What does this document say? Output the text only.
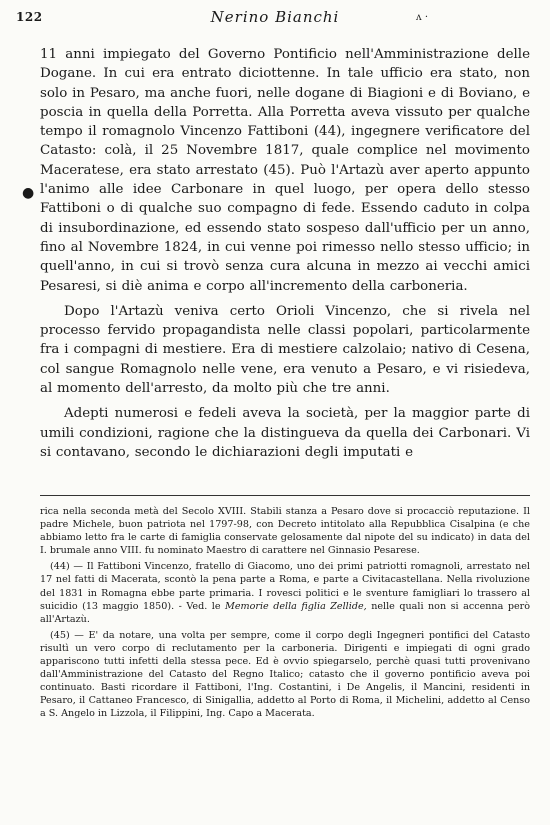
122	Nerino Bianchi	ʌ ·
●

11 anni impiegato del Governo Pontificio nell'Amministrazione delle Dogane. In cui era entrato diciottenne. In tale ufficio era stato, non solo in Pesaro, ma anche fuori, nelle dogane di Biagioni e di Boviano, e poscia in quella della Porretta. Alla Porretta aveva vissuto per qualche tempo il romagnolo Vincenzo Fattiboni (44), ingegnere verificatore del Catasto: colà, il 25 Novembre 1817, quale complice nel movimento Maceratese, era stato arrestato (45). Può l'Artazù aver aperto appunto l'animo alle idee Carbonare in quel luogo, per opera dello stesso Fattiboni o di qualche suo compagno di fede. Essendo caduto in colpa di insubordinazione, ed essendo stato sospeso dall'ufficio per un anno, fino al Novembre 1824, in cui venne poi rimesso nello stesso ufficio; in quell'anno, in cui si trovò senza cura alcuna in mezzo ai vecchi amici Pesaresi, si diè anima e corpo all'incremento della carboneria.

Dopo l'Artazù veniva certo Orioli Vincenzo, che si rivela nel processo fervido propagandista nelle classi popolari, particolarmente fra i compagni di mestiere. Era di mestiere calzolaio; nativo di Cesena, col sangue Romagnolo nelle vene, era venuto a Pesaro, e vi risiedeva, al momento dell'arresto, da molto più che tre anni.

Adepti numerosi e fedeli aveva la società, per la maggior parte di umili condizioni, ragione che la distingueva da quella dei Carbonari. Vi si contavano, secondo le dichiarazioni degli imputati e

rica nella seconda metà del Secolo XVIII. Stabili stanza a Pesaro dove si procacciò reputazione. Il padre Michele, buon patriota nel 1797-98, con Decreto intitolato alla Repubblica Cisalpina (e che abbiamo letto fra le carte di famiglia conservate gelosamente dal nipote del su indicato) in data del I. brumale anno VIII. fu nominato Maestro di carattere nel Ginnasio Pesarese.

(44) — Il Fattiboni Vincenzo, fratello di Giacomo, uno dei primi patriotti romagnoli, arrestato nel 17 nel fatti di Macerata, scontò la pena parte a Roma, e parte a Civitacastellana. Nella rivoluzione del 1831 in Romagna ebbe parte primaria. I rovesci politici e le sventure famigliari lo trassero al suicidio (13 maggio 1850). - Ved. le Memorie della figlia Zellide, nelle quali non si accenna però all'Artazù.

(45) — E' da notare, una volta per sempre, come il corpo degli Ingegneri pontifici del Catasto risultì un vero corpo di reclutamento per la carboneria. Dirigenti e impiegati di ogni grado appariscono tutti infetti della stessa pece. Ed è ovvio spiegarselo, perchè quasi tutti provenivano dall'Amministrazione del Catasto del Regno Italico; catasto che il governo pontificio aveva poi continuato. Basti ricordare il Fattiboni, l'Ing. Costantini, i De Angelis, il Mancini, residenti in Pesaro, il Cattaneo Francesco, di Sinigallia, addetto al Porto di Roma, il Michelini, addetto al Censo a S. Angelo in Lizzola, il Filippini, Ing. Capo a Macerata.
